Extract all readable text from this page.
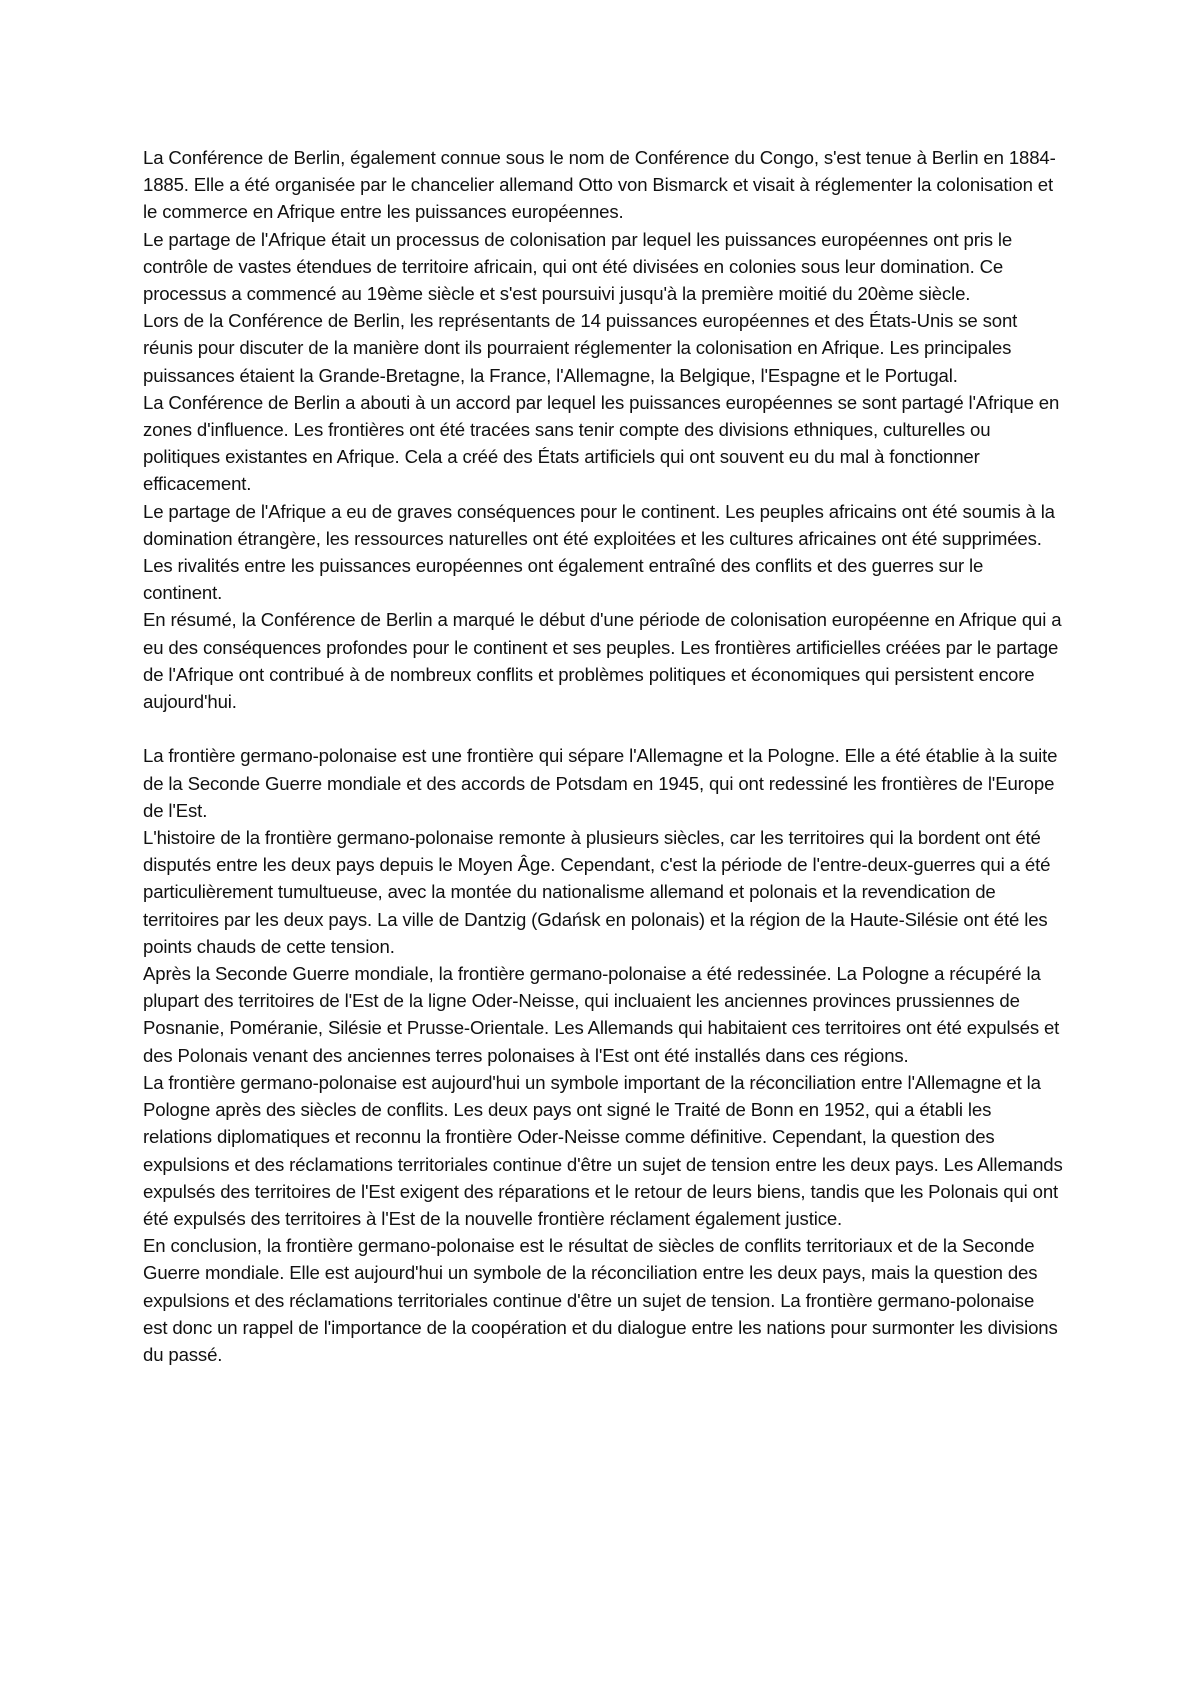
La Conférence de Berlin, également connue sous le nom de Conférence du Congo, s'est tenue à Berlin en 1884-1885. Elle a été organisée par le chancelier allemand Otto von Bismarck et visait à réglementer la colonisation et le commerce en Afrique entre les puissances européennes.

Le partage de l'Afrique était un processus de colonisation par lequel les puissances européennes ont pris le contrôle de vastes étendues de territoire africain, qui ont été divisées en colonies sous leur domination. Ce processus a commencé au 19ème siècle et s'est poursuivi jusqu'à la première moitié du 20ème siècle.

Lors de la Conférence de Berlin, les représentants de 14 puissances européennes et des États-Unis se sont réunis pour discuter de la manière dont ils pourraient réglementer la colonisation en Afrique. Les principales puissances étaient la Grande-Bretagne, la France, l'Allemagne, la Belgique, l'Espagne et le Portugal.

La Conférence de Berlin a abouti à un accord par lequel les puissances européennes se sont partagé l'Afrique en zones d'influence. Les frontières ont été tracées sans tenir compte des divisions ethniques, culturelles ou politiques existantes en Afrique. Cela a créé des États artificiels qui ont souvent eu du mal à fonctionner efficacement.

Le partage de l'Afrique a eu de graves conséquences pour le continent. Les peuples africains ont été soumis à la domination étrangère, les ressources naturelles ont été exploitées et les cultures africaines ont été supprimées. Les rivalités entre les puissances européennes ont également entraîné des conflits et des guerres sur le continent.

En résumé, la Conférence de Berlin a marqué le début d'une période de colonisation européenne en Afrique qui a eu des conséquences profondes pour le continent et ses peuples. Les frontières artificielles créées par le partage de l'Afrique ont contribué à de nombreux conflits et problèmes politiques et économiques qui persistent encore aujourd'hui.

La frontière germano-polonaise est une frontière qui sépare l'Allemagne et la Pologne. Elle a été établie à la suite de la Seconde Guerre mondiale et des accords de Potsdam en 1945, qui ont redessiné les frontières de l'Europe de l'Est.

L'histoire de la frontière germano-polonaise remonte à plusieurs siècles, car les territoires qui la bordent ont été disputés entre les deux pays depuis le Moyen Âge. Cependant, c'est la période de l'entre-deux-guerres qui a été particulièrement tumultueuse, avec la montée du nationalisme allemand et polonais et la revendication de territoires par les deux pays. La ville de Dantzig (Gdańsk en polonais) et la région de la Haute-Silésie ont été les points chauds de cette tension.

Après la Seconde Guerre mondiale, la frontière germano-polonaise a été redessinée. La Pologne a récupéré la plupart des territoires de l'Est de la ligne Oder-Neisse, qui incluaient les anciennes provinces prussiennes de Posnanie, Poméranie, Silésie et Prusse-Orientale. Les Allemands qui habitaient ces territoires ont été expulsés et des Polonais venant des anciennes terres polonaises à l'Est ont été installés dans ces régions.

La frontière germano-polonaise est aujourd'hui un symbole important de la réconciliation entre l'Allemagne et la Pologne après des siècles de conflits. Les deux pays ont signé le Traité de Bonn en 1952, qui a établi les relations diplomatiques et reconnu la frontière Oder-Neisse comme définitive. Cependant, la question des expulsions et des réclamations territoriales continue d'être un sujet de tension entre les deux pays. Les Allemands expulsés des territoires de l'Est exigent des réparations et le retour de leurs biens, tandis que les Polonais qui ont été expulsés des territoires à l'Est de la nouvelle frontière réclament également justice.

En conclusion, la frontière germano-polonaise est le résultat de siècles de conflits territoriaux et de la Seconde Guerre mondiale. Elle est aujourd'hui un symbole de la réconciliation entre les deux pays, mais la question des expulsions et des réclamations territoriales continue d'être un sujet de tension. La frontière germano-polonaise est donc un rappel de l'importance de la coopération et du dialogue entre les nations pour surmonter les divisions du passé.
